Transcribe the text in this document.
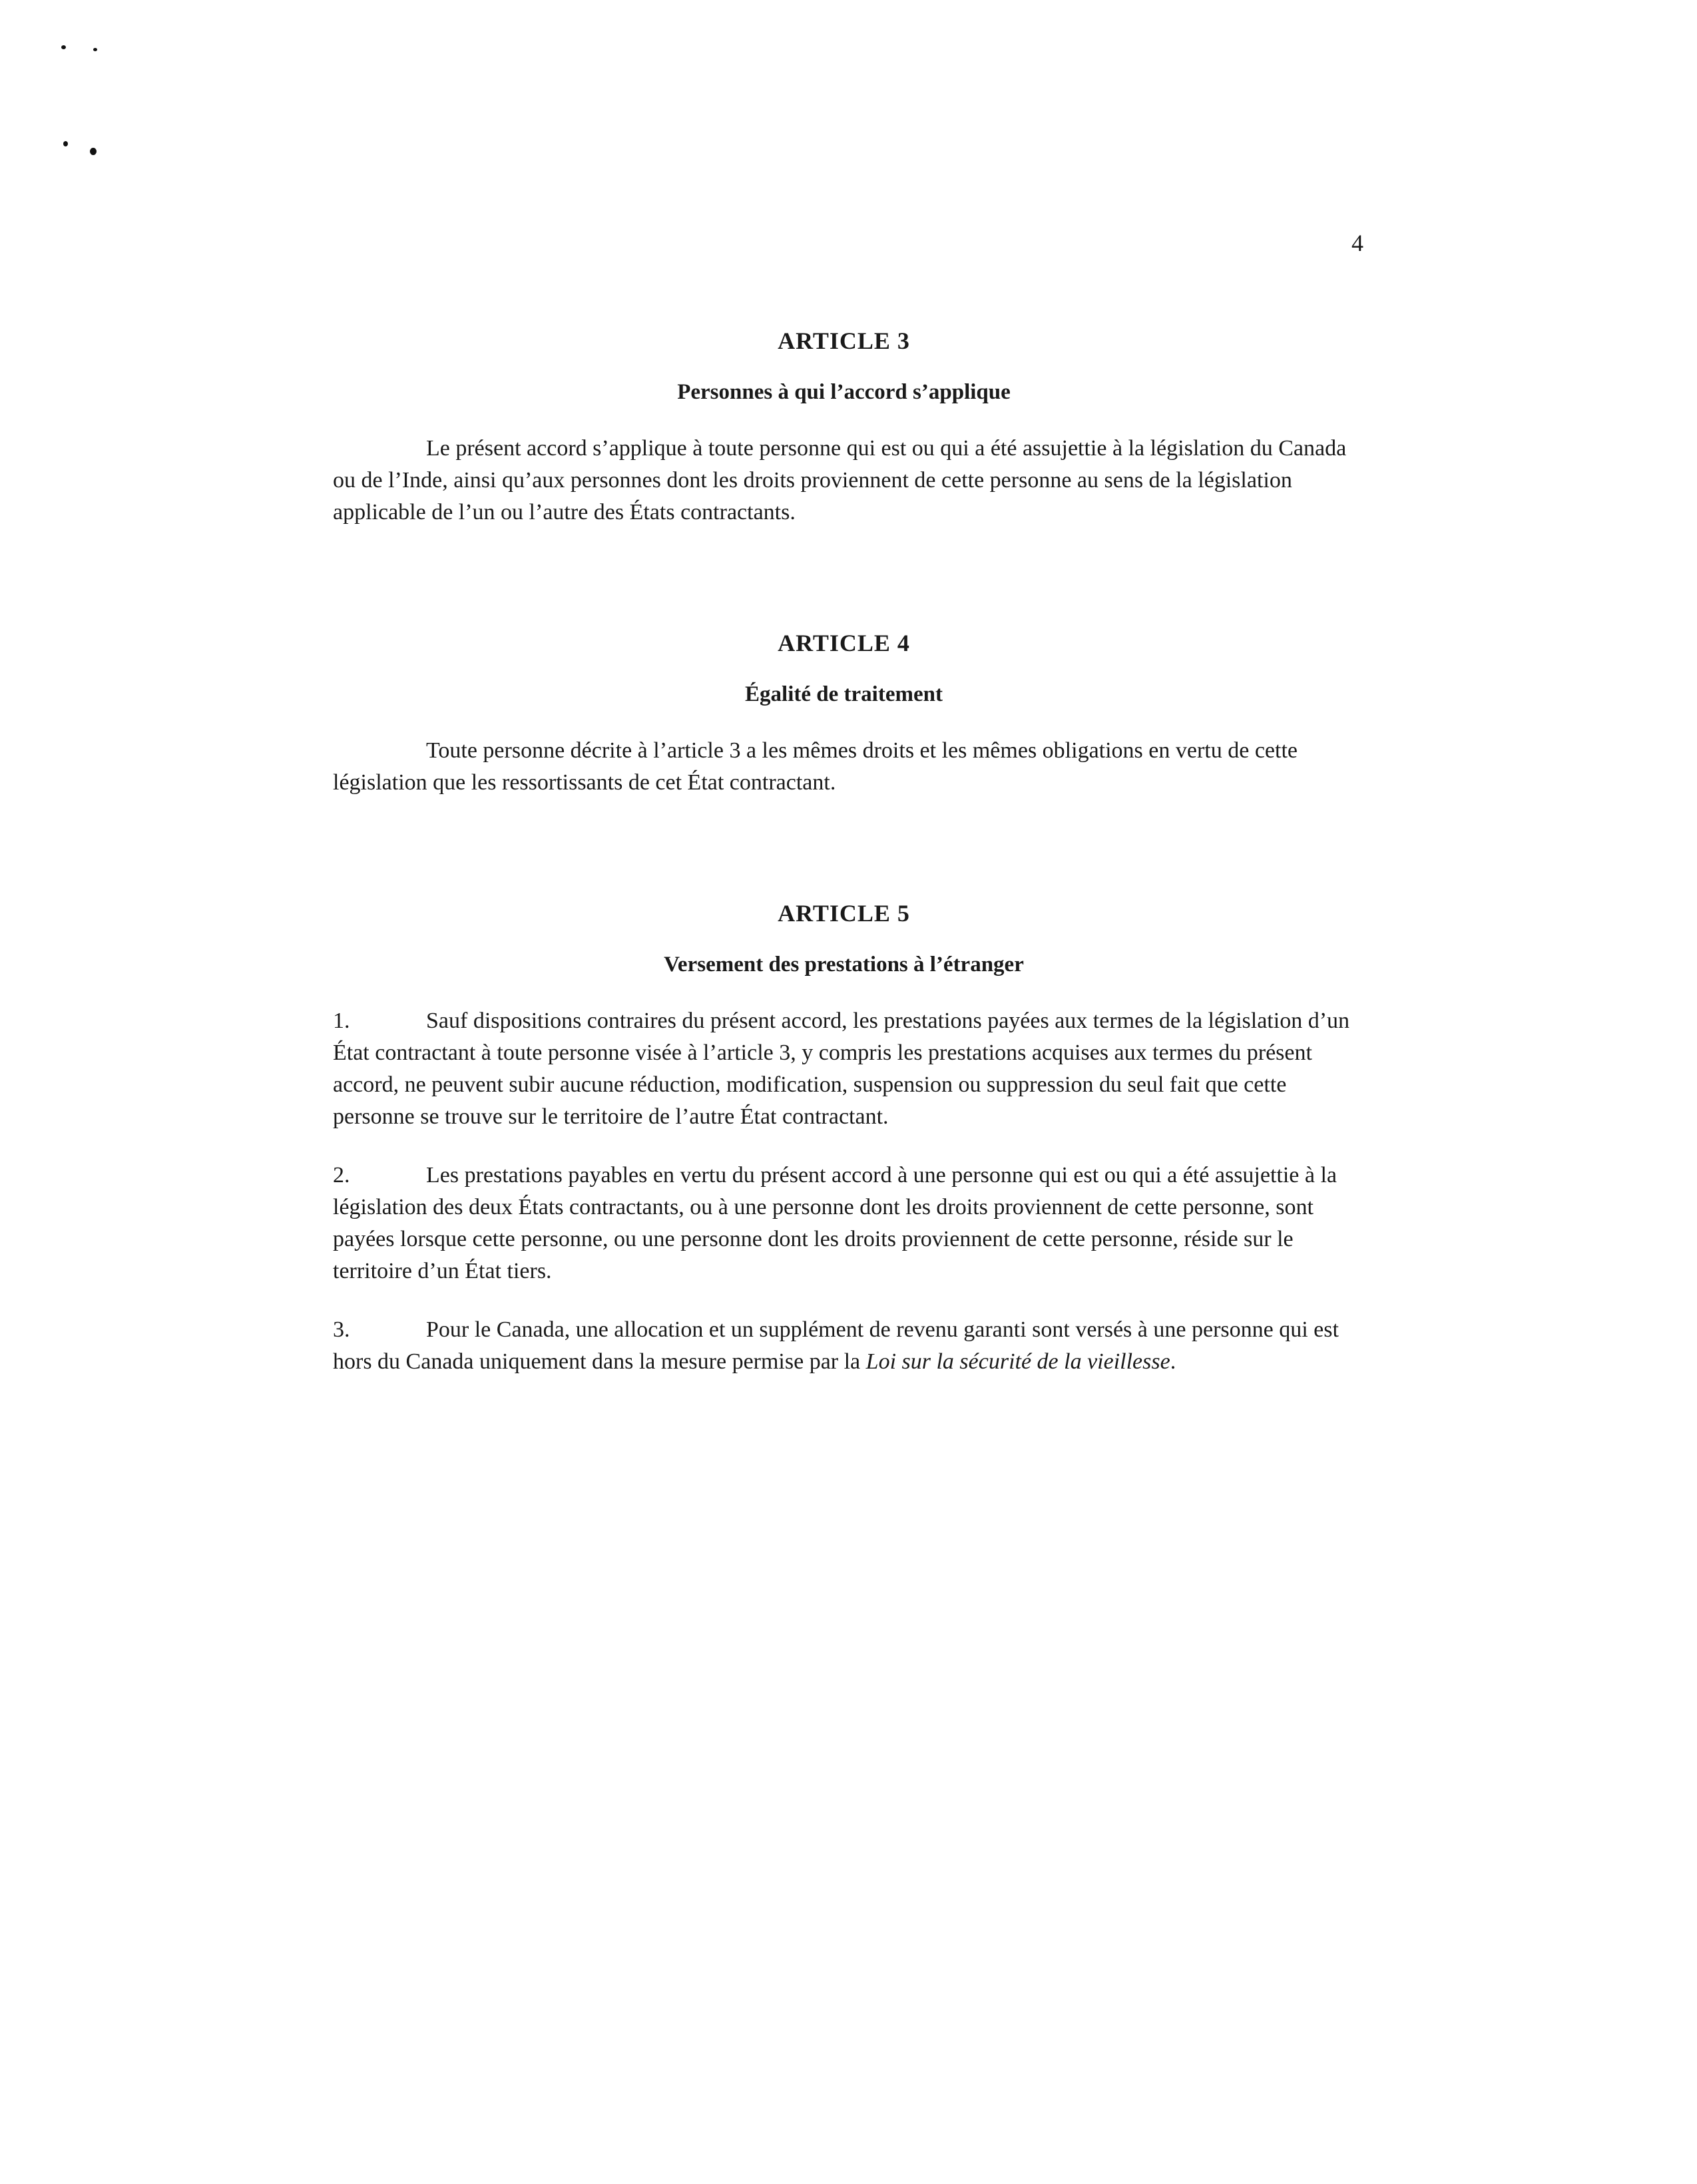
4
ARTICLE 3
Personnes à qui l’accord s’applique

Le présent accord s’applique à toute personne qui est ou qui a été assujettie à la législation du Canada ou de l’Inde, ainsi qu’aux personnes dont les droits proviennent de cette personne au sens de la législation applicable de l’un ou l’autre des États contractants.

ARTICLE 4
Égalité de traitement

Toute personne décrite à l’article 3 a les mêmes droits et les mêmes obligations en vertu de cette législation que les ressortissants de cet État contractant.

ARTICLE 5
Versement des prestations à l’étranger

1.	Sauf dispositions contraires du présent accord, les prestations payées aux termes de la législation d’un État contractant à toute personne visée à l’article 3, y compris les prestations acquises aux termes du présent accord, ne peuvent subir aucune réduction, modification, suspension ou suppression du seul fait que cette personne se trouve sur le territoire de l’autre État contractant.

2.	Les prestations payables en vertu du présent accord à une personne qui est ou qui a été assujettie à la législation des deux États contractants, ou à une personne dont les droits proviennent de cette personne, sont payées lorsque cette personne, ou une personne dont les droits proviennent de cette personne, réside sur le territoire d’un État tiers.

3.	Pour le Canada, une allocation et un supplément de revenu garanti sont versés à une personne qui est hors du Canada uniquement dans la mesure permise par la Loi sur la sécurité de la vieillesse.
